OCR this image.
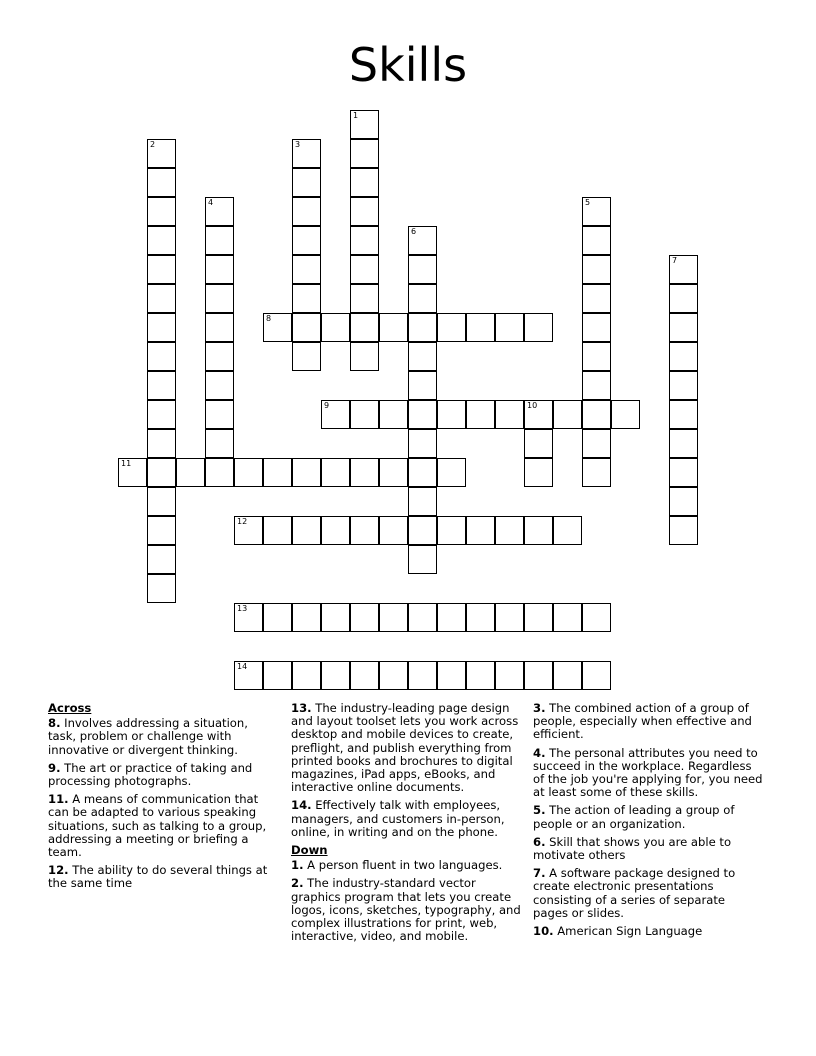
Skills
1
2	3
4	5
6
7
8
9	10
11
12
13
14
Across
8. Involves addressing a situation, task, problem or challenge with innovative or divergent thinking.
9. The art or practice of taking and processing photographs.
11. A means of communication that can be adapted to various speaking situations, such as talking to a group, addressing a meeting or briefing a team.
12. The ability to do several things at the same time
13. The industry-leading page design and layout toolset lets you work across desktop and mobile devices to create, preflight, and publish everything from printed books and brochures to digital magazines, iPad apps, eBooks, and interactive online documents.
14. Effectively talk with employees, managers, and customers in-person, online, in writing and on the phone.
Down
1. A person fluent in two languages.
2. The industry-standard vector graphics program that lets you create logos, icons, sketches, typography, and complex illustrations for print, web, interactive, video, and mobile.
3. The combined action of a group of people, especially when effective and efficient.
4. The personal attributes you need to succeed in the workplace. Regardless of the job you're applying for, you need at least some of these skills.
5. The action of leading a group of people or an organization.
6. Skill that shows you are able to motivate others
7. A software package designed to create electronic presentations consisting of a series of separate pages or slides.
10. American Sign Language
